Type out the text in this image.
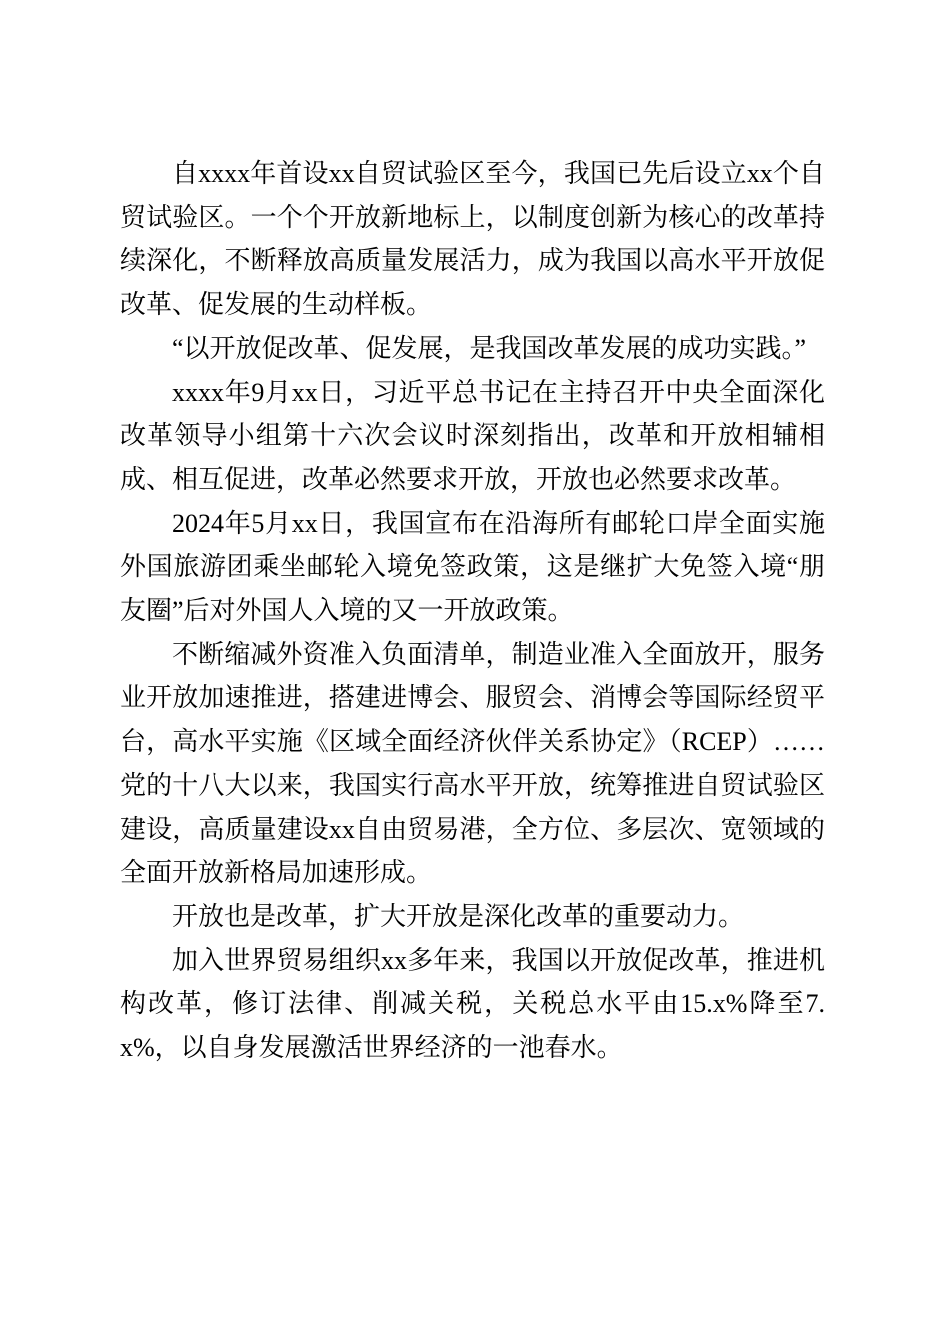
自xxxx年首设xx自贸试验区至今，我国已先后设立xx个自贸试验区。一个个开放新地标上，以制度创新为核心的改革持续深化，不断释放高质量发展活力，成为我国以高水平开放促改革、促发展的生动样板。

“以开放促改革、促发展，是我国改革发展的成功实践。”

xxxx年9月xx日，习近平总书记在主持召开中央全面深化改革领导小组第十六次会议时深刻指出，改革和开放相辅相成、相互促进，改革必然要求开放，开放也必然要求改革。

2024年5月xx日，我国宣布在沿海所有邮轮口岸全面实施外国旅游团乘坐邮轮入境免签政策，这是继扩大免签入境“朋友圈”后对外国人入境的又一开放政策。

不断缩减外资准入负面清单，制造业准入全面放开，服务业开放加速推进，搭建进博会、服贸会、消博会等国际经贸平台，高水平实施《区域全面经济伙伴关系协定》（RCEP）……党的十八大以来，我国实行高水平开放，统筹推进自贸试验区建设，高质量建设xx自由贸易港，全方位、多层次、宽领域的全面开放新格局加速形成。

开放也是改革，扩大开放是深化改革的重要动力。

加入世界贸易组织xx多年来，我国以开放促改革，推进机构改革，修订法律、削减关税，关税总水平由15.x%降至7.x%，以自身发展激活世界经济的一池春水。
